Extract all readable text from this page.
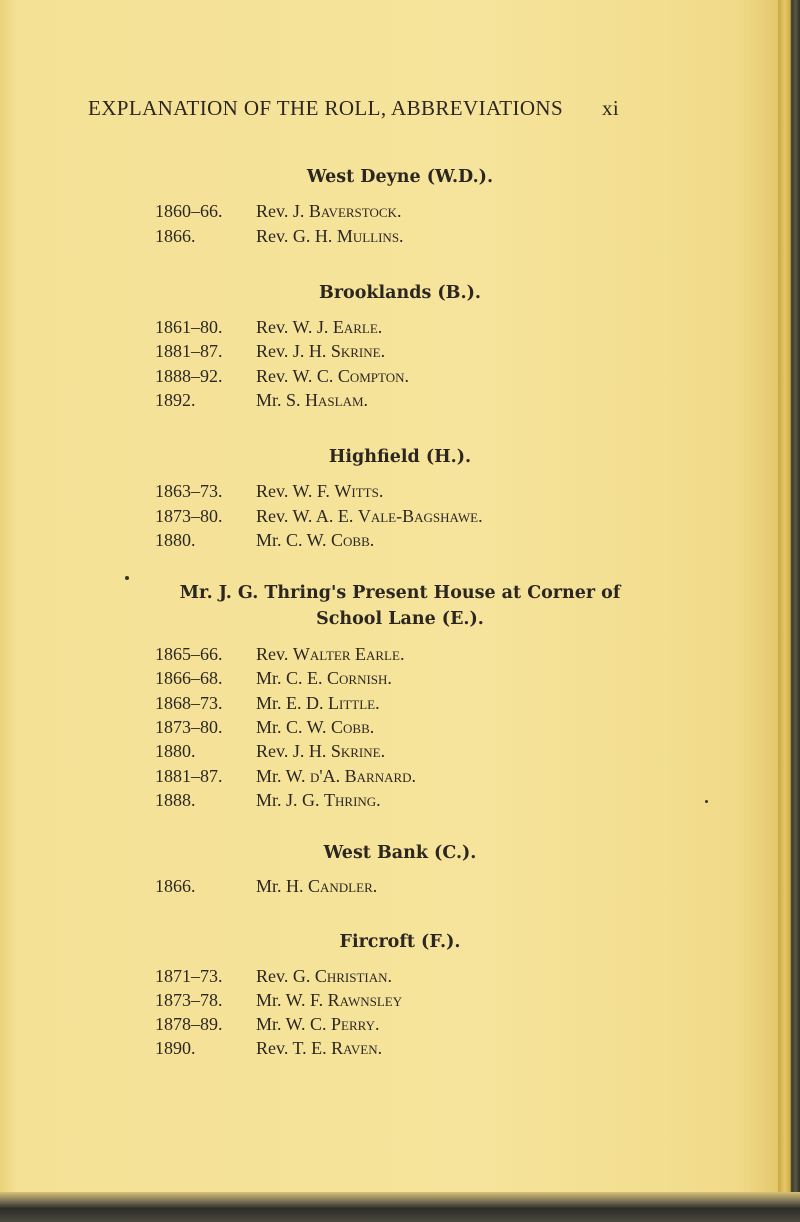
EXPLANATION OF THE ROLL, ABBREVIATIONS xi
West Deyne (W.D.).
1860–66.	Rev. J. Baverstock.
1866.	Rev. G. H. Mullins.
Brooklands (B.).
1861–80.	Rev. W. J. Earle.
1881–87.	Rev. J. H. Skrine.
1888–92.	Rev. W. C. Compton.
1892.	Mr. S. Haslam.
Highfield (H.).
1863–73.	Rev. W. F. Witts.
1873–80.	Rev. W. A. E. Vale-Bagshawe.
1880.	Mr. C. W. Cobb.
Mr. J. G. Thring's Present House at Corner of
School Lane (E.).
1865–66.	Rev. Walter Earle.
1866–68.	Mr. C. E. Cornish.
1868–73.	Mr. E. D. Little.
1873–80.	Mr. C. W. Cobb.
1880.	Rev. J. H. Skrine.
1881–87.	Mr. W. d'A. Barnard.
1888.	Mr. J. G. Thring.
West Bank (C.).
1866.	Mr. H. Candler.
Fircroft (F.).
1871–73.	Rev. G. Christian.
1873–78.	Mr. W. F. Rawnsley
1878–89.	Mr. W. C. Perry.
1890.	Rev. T. E. Raven.
